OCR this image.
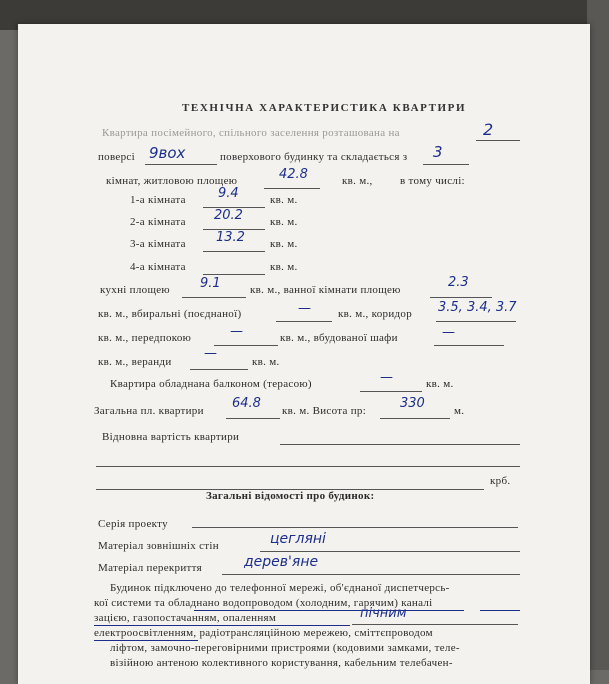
ТЕХНІЧНА ХАРАКТЕРИСТИКА КВАРТИРИ
Квартира посімейного, спільного заселення розташована на	2
поверсі 9вох	поверхового будинку та складається з 3
кімнат, житловою площею	42.8	кв. м., в тому числі:
1-а кімната 9.4	кв. м.
2-а кімната 20.2 кв. м.
3-а кімната 13.2 кв. м.
4-а кімната	кв. м.
кухні площею 9.1	кв. м., ванної кімнати площею	2.3
кв. м., вбиральні (поєднаної)	— кв. м., коридор 3.5, 3.4, 3.7
кв. м., передпокою	—	кв. м., вбудованої шафи	—
кв. м., веранди
—
кв. м.
Квартира обладнана балконом (терасою)	—	кв. м.
Загальна пл. квартири 64.8 кв. м. Висота пр:	330	м.
Відновна вартість квартири
крб.
Загальні відомості про будинок:
Серія проекту
Матеріал зовнішніх стін	цегляні
Матеріал перекриття	дерев'яне
Будинок підключено до телефонної мережі, об'єднаної диспетчерсь-
кої системи та обладнано водопроводом (холодним, гарячим) каналі
зацією, газопостачанням, опаленням	пічним
електроосвітленням, радіотрансляційною мережею, сміттєпроводом
ліфтом, замочно-переговірними пристроями (кодовими замками, теле-
візійною антеною колективного користування, кабельним телебачен-
